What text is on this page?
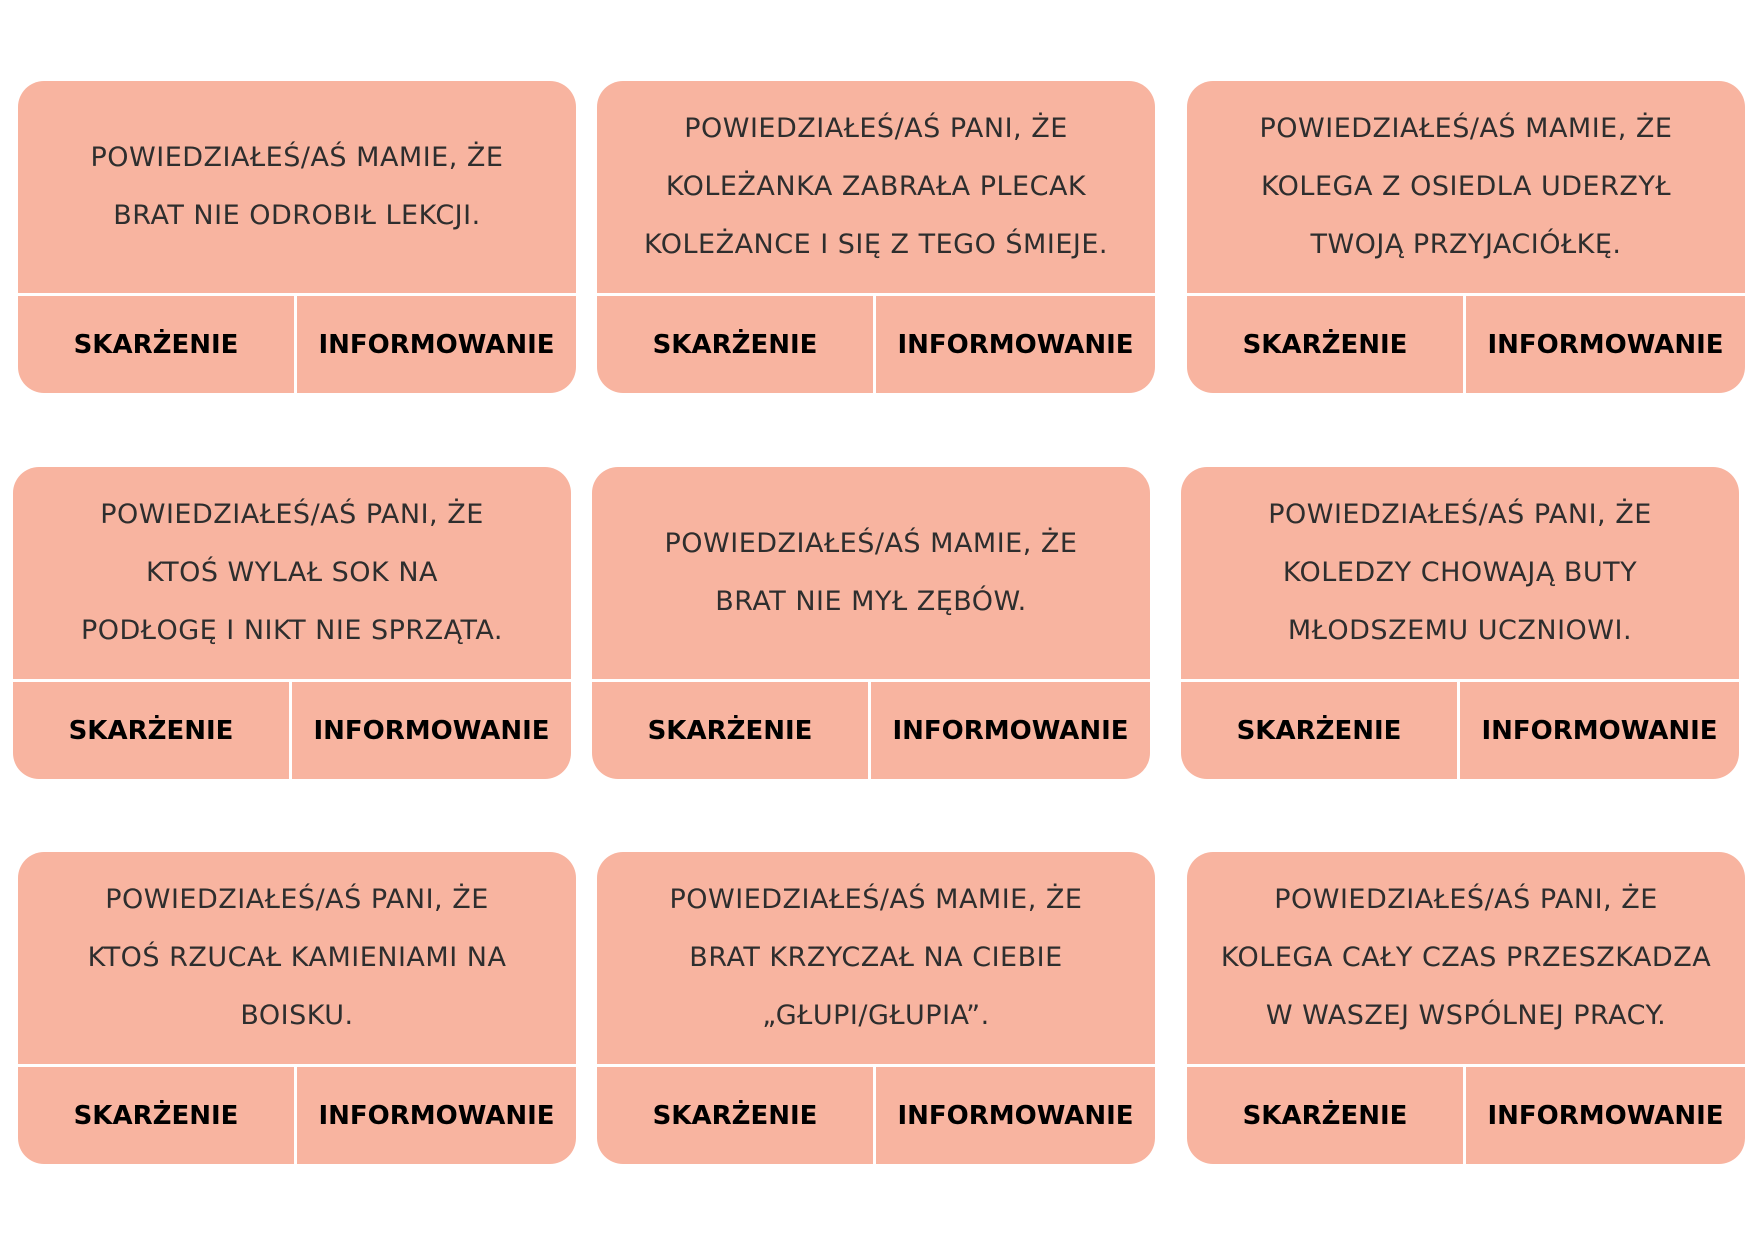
POWIEDZIAŁEŚ/AŚ MAMIE, ŻE
BRAT NIE ODROBIŁ LEKCJI.
SKARŻENIE	INFORMOWANIE
POWIEDZIAŁEŚ/AŚ PANI, ŻE
KOLEŻANKA ZABRAŁA PLECAK
KOLEŻANCE I SIĘ Z TEGO ŚMIEJE.
SKARŻENIE	INFORMOWANIE
POWIEDZIAŁEŚ/AŚ MAMIE, ŻE
KOLEGA Z OSIEDLA UDERZYŁ
TWOJĄ PRZYJACIÓŁKĘ.
SKARŻENIE	INFORMOWANIE
POWIEDZIAŁEŚ/AŚ PANI, ŻE
KTOŚ WYLAŁ SOK NA
PODŁOGĘ I NIKT NIE SPRZĄTA.
SKARŻENIE	INFORMOWANIE
POWIEDZIAŁEŚ/AŚ MAMIE, ŻE
BRAT NIE MYŁ ZĘBÓW.
SKARŻENIE	INFORMOWANIE
POWIEDZIAŁEŚ/AŚ PANI, ŻE
KOLEDZY CHOWAJĄ BUTY
MŁODSZEMU UCZNIOWI.
SKARŻENIE	INFORMOWANIE
POWIEDZIAŁEŚ/AŚ PANI, ŻE
KTOŚ RZUCAŁ KAMIENIAMI NA
BOISKU.
SKARŻENIE	INFORMOWANIE
POWIEDZIAŁEŚ/AŚ MAMIE, ŻE
BRAT KRZYCZAŁ NA CIEBIE
„GŁUPI/GŁUPIA”.
SKARŻENIE	INFORMOWANIE
POWIEDZIAŁEŚ/AŚ PANI, ŻE
KOLEGA CAŁY CZAS PRZESZKADZA
W WASZEJ WSPÓLNEJ PRACY.
SKARŻENIE	INFORMOWANIE
